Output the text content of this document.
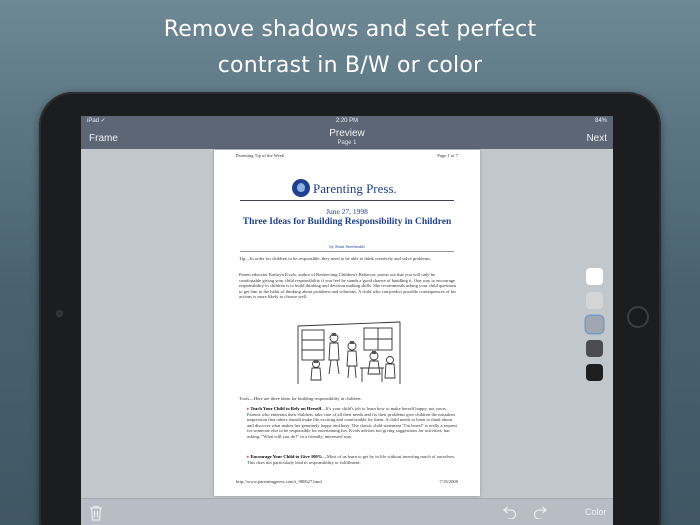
Remove shadows and set perfect
contrast in B/W or color
iPad ✓	2:20 PM	84%
Frame	Preview
Page 1	Next
Parenting Tip of the Week	Page 1 of 7
Parenting Press.
June 27, 1998
Three Ideas for Building Responsibility in Children
by Shari Steelsmith
Tip—In order for children to be responsible, they need to be able to think creatively and solve problems.
Parent educator Kathryn Kvols, author of Redirecting Children's Behavior, points out that you will only be comfortable giving your child responsibility if you feel he stands a good chance of handling it. One way to encourage responsibility in children is to build thinking and decision making skills. She recommends asking your child questions to get him in the habit of thinking about problems and solutions. A child who can predict possible consequences of his actions is more likely to choose well.
Tools—Here are three ideas for building responsibility in children.
▸ Teach Your Child to Rely on Herself—It's your child's job to learn how to make herself happy, not yours. Parents who entertain their children, take care of all their needs and fix their problems give children the mistaken impression that others should make life exciting and comfortable for them. A child needs to learn to think about and discover what makes her genuinely happy and busy. The classic child statement "I'm bored" is really a request for someone else to be responsible for entertaining her. Kvols advises not giving suggestions for activities, but asking, "What will you do?" in a friendly, interested way.
▸ Encourage Your Child to Give 100%—Most of us learn to get by in life without investing much of ourselves. This does not particularly lead to responsibility or fulfillment,
http://www.parentingpress.com/t_980627.html	7/19/2000
Color
